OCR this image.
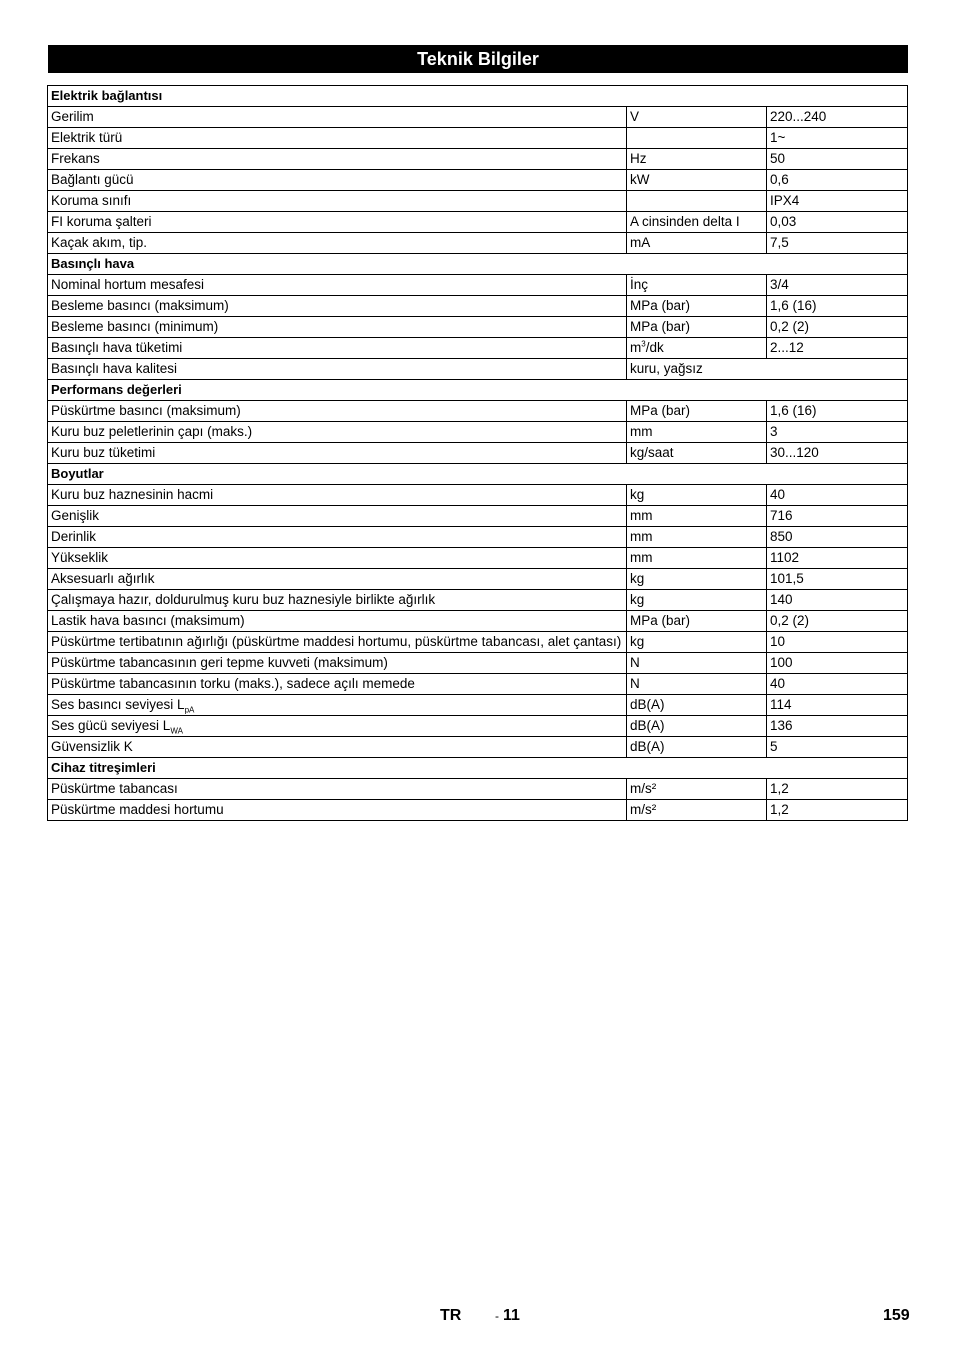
Teknik Bilgiler
Elektrik bağlantısı		
Gerilim	V	220...240
Elektrik türü		1~
Frekans	Hz	50
Bağlantı gücü	kW	0,6
Koruma sınıfı		IPX4
FI koruma şalteri	A cinsinden delta I	0,03
Kaçak akım, tip.	mA	7,5
Basınçlı hava		
Nominal hortum mesafesi	İnç	3/4
Besleme basıncı (maksimum)	MPa (bar)	1,6 (16)
Besleme basıncı (minimum)	MPa (bar)	0,2 (2)
Basınçlı hava tüketimi	$m^3/dk$	2...12
Basınçlı hava kalitesi	kuru, yağsız	
Performans değerleri		
Püskürtme basıncı (maksimum)	MPa (bar)	1,6 (16)
Kuru buz peletlerinin çapı (maks.)	mm	3
Kuru buz tüketimi	kg/saat	30...120
Boyutlar		
Kuru buz haznesinin hacmi	kg	40
Genişlik	mm	716
Derinlik	mm	850
Yükseklik	mm	1102
Aksesuarlı ağırlık	kg	101,5
Çalışmaya hazır, doldurulmuş kuru buz haznesiyle birlikte ağırlık	kg	140
Lastik hava basıncı (maksimum)	MPa (bar)	0,2 (2)
Püskürtme tertibatının ağırlığı (püskürtme maddesi hortumu, püskürtme tabancası, alet çantası)	kg	10
Püskürtme tabancasının geri tepme kuvveti (maksimum)	N	100
Püskürtme tabancasının torku (maks.), sadece açılı memede	N	40
Ses basıncı seviyesi $L_{pA}$	dB(A)	114
Ses gücü seviyesi $L_{WA}$	dB(A)	136
Güvensizlik K	dB(A)	5
Cihaz titreşimleri		
Püskürtme tabancası	m/s²	1,2
Püskürtme maddesi hortumu	m/s²	1,2
TR	- 11	159
